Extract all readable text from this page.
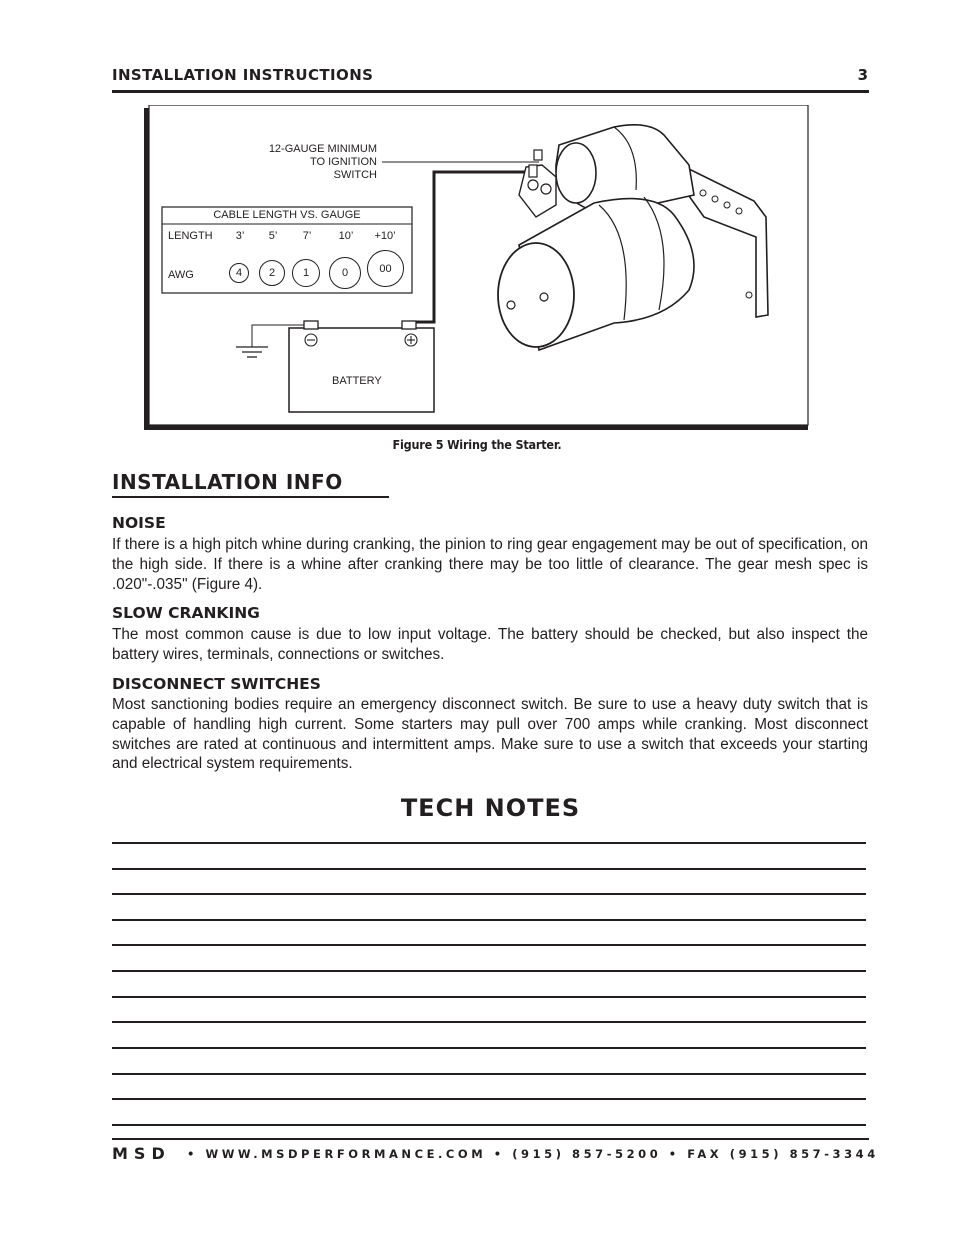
INSTALLATION INSTRUCTIONS	3
12-GAUGE MINIMUM
TO IGNITION
SWITCH
CABLE LENGTH VS. GAUGE
LENGTH	3’	5’	7’	10’	+10’
AWG	4	2	1	0	00
BATTERY
Figure 5 Wiring the Starter.
INSTALLATION INFO
NOISE
If there is a high pitch whine during cranking, the pinion to ring gear engagement may be out of specification, on the high side. If there is a whine after cranking there may be too little of clearance. The gear mesh spec is .020"-.035" (Figure 4).
SLOW CRANKING
The most common cause is due to low input voltage. The battery should be checked, but also inspect the battery wires, terminals, connections or switches.
DISCONNECT SWITCHES
Most sanctioning bodies require an emergency disconnect switch. Be sure to use a heavy duty switch that is capable of handling high current. Some starters may pull over 700 amps while cranking. Most disconnect switches are rated at continuous and intermittent amps. Make sure to use a switch that exceeds your starting and electrical system requirements.
TECH NOTES
MSD • WWW.MSDPERFORMANCE.COM • (915) 857-5200 • FAX (915) 857-3344
